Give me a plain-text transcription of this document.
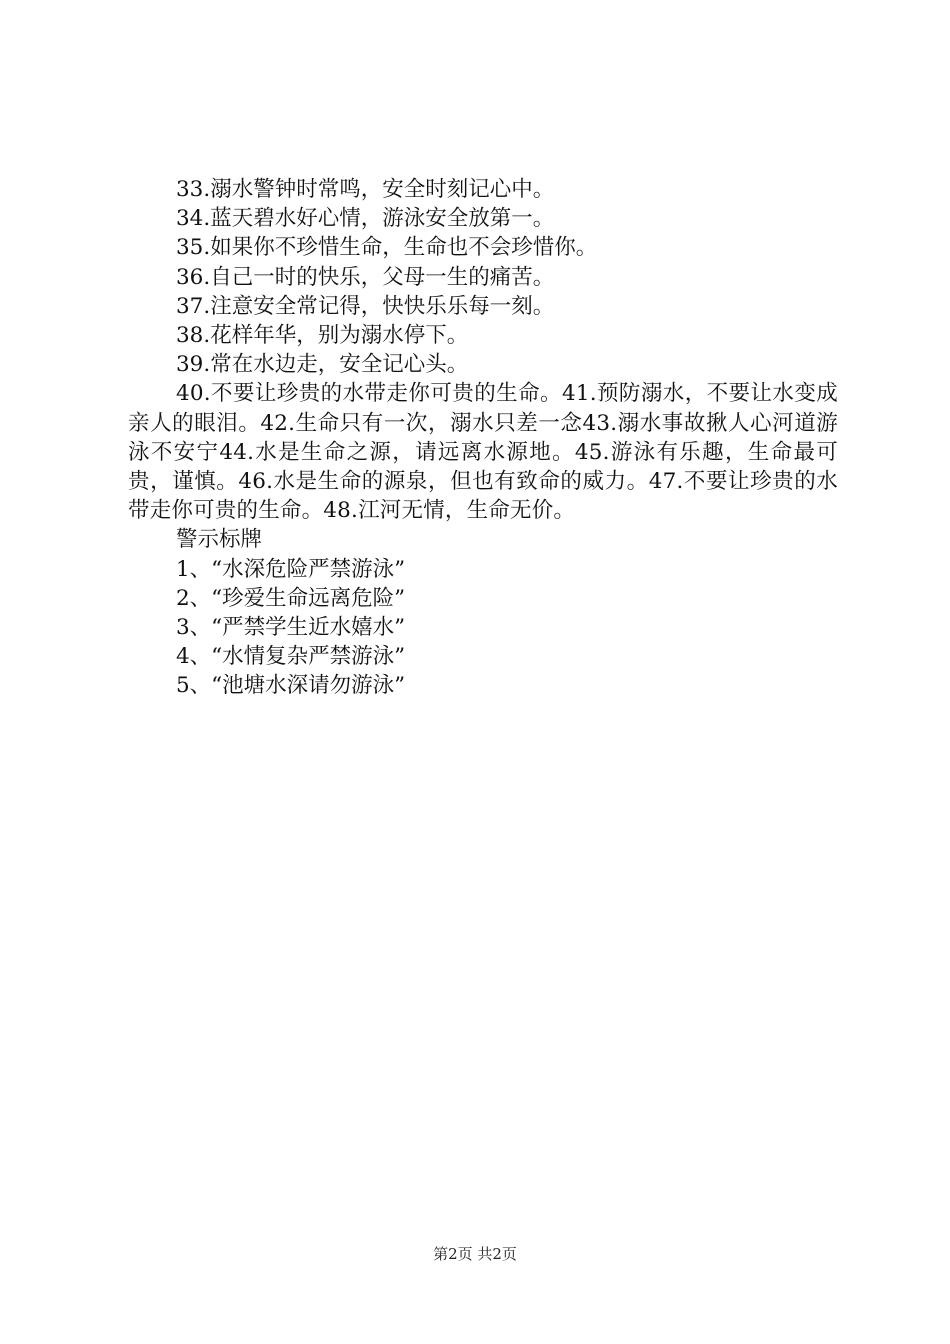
33.溺水警钟时常鸣，安全时刻记心中。
34.蓝天碧水好心情，游泳安全放第一。
35.如果你不珍惜生命，生命也不会珍惜你。
36.自己一时的快乐，父母一生的痛苦。
37.注意安全常记得，快快乐乐每一刻。
38.花样年华，别为溺水停下。
39.常在水边走，安全记心头。
40.不要让珍贵的水带走你可贵的生命。41.预防溺水，不要让水变成亲人的眼泪。42.生命只有一次，溺水只差一念43.溺水事故揪人心河道游泳不安宁44.水是生命之源，请远离水源地。45.游泳有乐趣，生命最可贵，谨慎。46.水是生命的源泉，但也有致命的威力。47.不要让珍贵的水带走你可贵的生命。48.江河无情，生命无价。
警示标牌
1、“水深危险严禁游泳”
2、“珍爱生命远离危险”
3、“严禁学生近水嬉水”
4、“水情复杂严禁游泳”
5、“池塘水深请勿游泳”
第2页 共2页
